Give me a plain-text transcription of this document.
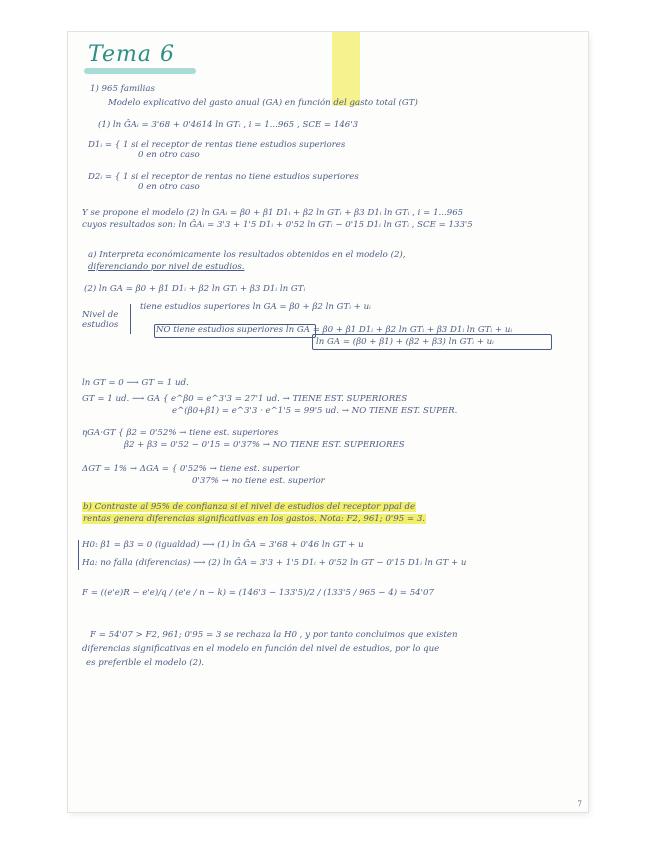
Tema 6
1) 965 familias
Modelo explicativo del gasto anual (GA) en función del gasto total (GT)
(1) ln ĜAᵢ = 3'68 + 0'4614 ln GTᵢ , i = 1...965 , SCE = 146'3
D1ᵢ = { 1 si el receptor de rentas tiene estudios superiores
0 en otro caso
D2ᵢ = { 1 si el receptor de rentas no tiene estudios superiores
0 en otro caso
Y se propone el modelo (2) ln GAᵢ = β0 + β1 D1ᵢ + β2 ln GTᵢ + β3 D1ᵢ ln GTᵢ , i = 1...965
cuyos resultados son: ln ĜAᵢ = 3'3 + 1'5 D1ᵢ + 0'52 ln GTᵢ − 0'15 D1ᵢ ln GTᵢ , SCE = 133'5
a) Interpreta económicamente los resultados obtenidos en el modelo (2),
diferenciando por nivel de estudios.
(2) ln GA = β0 + β1 D1ᵢ + β2 ln GTᵢ + β3 D1ᵢ ln GTᵢ
Nivel de
estudios
tiene estudios superiores ln GA = β0 + β2 ln GTᵢ + uᵢ
NO tiene estudios superiores ln GA = β0 + β1 D1ᵢ + β2 ln GTᵢ + β3 D1ᵢ ln GTᵢ + uᵢ
ln GA = (β0 + β1) + (β2 + β3) ln GTᵢ + uᵢ
ln GT = 0 ⟶ GT = 1 ud.
GT = 1 ud. ⟶ GA { e^β0 = e^3'3 = 27'1 ud. → TIENE EST. SUPERIORES
e^(β0+β1) = e^3'3 · e^1'5 = 99'5 ud. → NO TIENE EST. SUPER.
ηGA·GT { β2 = 0'52% → tiene est. superiores
β2 + β3 = 0'52 − 0'15 = 0'37% → NO TIENE EST. SUPERIORES
ΔGT = 1% → ΔGA = { 0'52% → tiene est. superior
0'37% → no tiene est. superior
b) Contraste al 95% de confianza si el nivel de estudios del receptor ppal de
rentas genera diferencias significativas en los gastos. Nota: F2, 961; 0'95 = 3.
H0: β1 = β3 = 0 (igualdad) ⟶ (1) ln ĜA = 3'68 + 0'46 ln GT + u
Ha: no falla (diferencias) ⟶ (2) ln ĜA = 3'3 + 1'5 D1ᵢ + 0'52 ln GT − 0'15 D1ᵢ ln GT + u
F = ((e'e)R − e'e)/q / (e'e / n − k) = (146'3 − 133'5)/2 / (133'5 / 965 − 4) = 54'07
F = 54'07 > F2, 961; 0'95 = 3 se rechaza la H0 , y por tanto concluimos que existen
diferencias significativas en el modelo en función del nivel de estudios, por lo que
es preferible el modelo (2).
7
